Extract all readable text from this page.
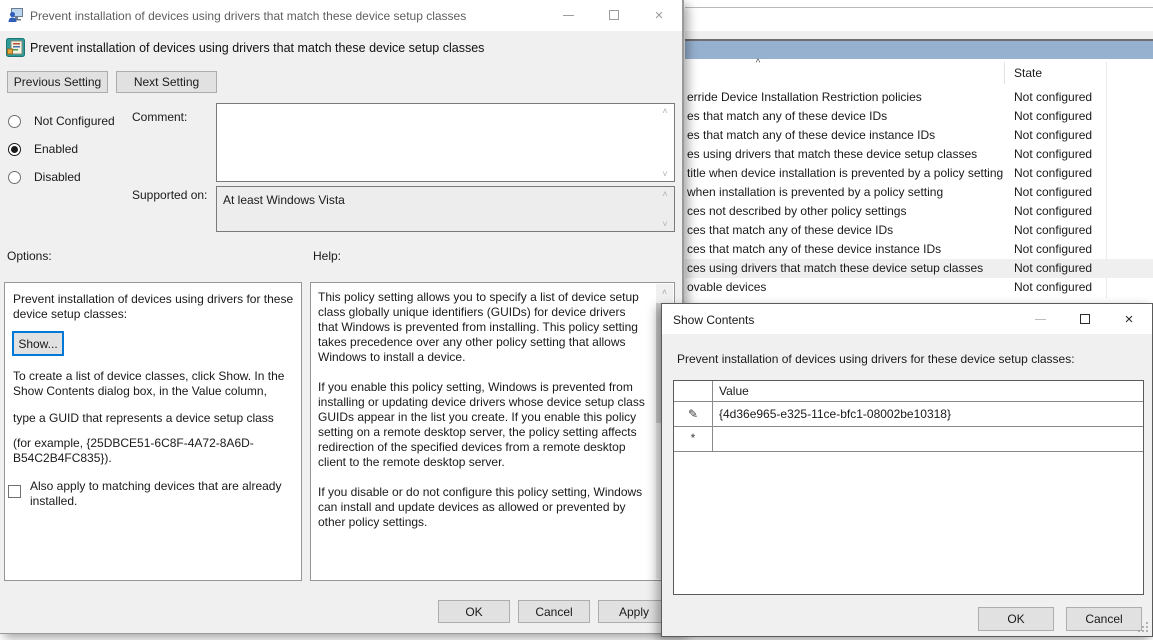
^
State
erride Device Installation Restriction policies	Not configured
es that match any of these device IDs	Not configured
es that match any of these device instance IDs	Not configured
es using drivers that match these device setup classes	Not configured
title when device installation is prevented by a policy setting Not configured
when installation is prevented by a policy setting	Not configured
ces not described by other policy settings	Not configured
ces that match any of these device IDs	Not configured
ces that match any of these device instance IDs	Not configured
ces using drivers that match these device setup classes	Not configured
ovable devices	Not configured
Prevent installation of devices using drivers that match these device setup classes	×
Prevent installation of devices using drivers that match these device setup classes
Previous Setting	Next Setting
Not Configured
Enabled
Disabled
Comment:	˄
˅
Supported on: At least Windows Vista	˄
˅
Options:	Help:
Prevent installation of devices using drivers for these device setup classes:
Show...
To create a list of device classes, click Show. In the Show Contents dialog box, in the Value column,
type a GUID that represents a device setup class
(for example, {25DBCE51-6C8F-4A72-8A6D-B54C2B4FC835}).
Also apply to matching devices that are already installed.

This policy setting allows you to specify a list of device setup class globally unique identifiers (GUIDs) for device drivers that Windows is prevented from installing. This policy setting takes precedence over any other policy setting that allows Windows to install a device.

If you enable this policy setting, Windows is prevented from installing or updating device drivers whose device setup class GUIDs appear in the list you create. If you enable this policy setting on a remote desktop server, the policy setting affects redirection of the specified devices from a remote desktop client to the remote desktop server.

If you disable or do not configure this policy setting, Windows can install and update devices as allowed or prevented by other policy settings.

˄
OK	Cancel	Apply
Show Contents	×
Prevent installation of devices using drivers for these device setup classes:
Value
✎	{4d36e965-e325-11ce-bfc1-08002be10318}
*
OK	Cancel
